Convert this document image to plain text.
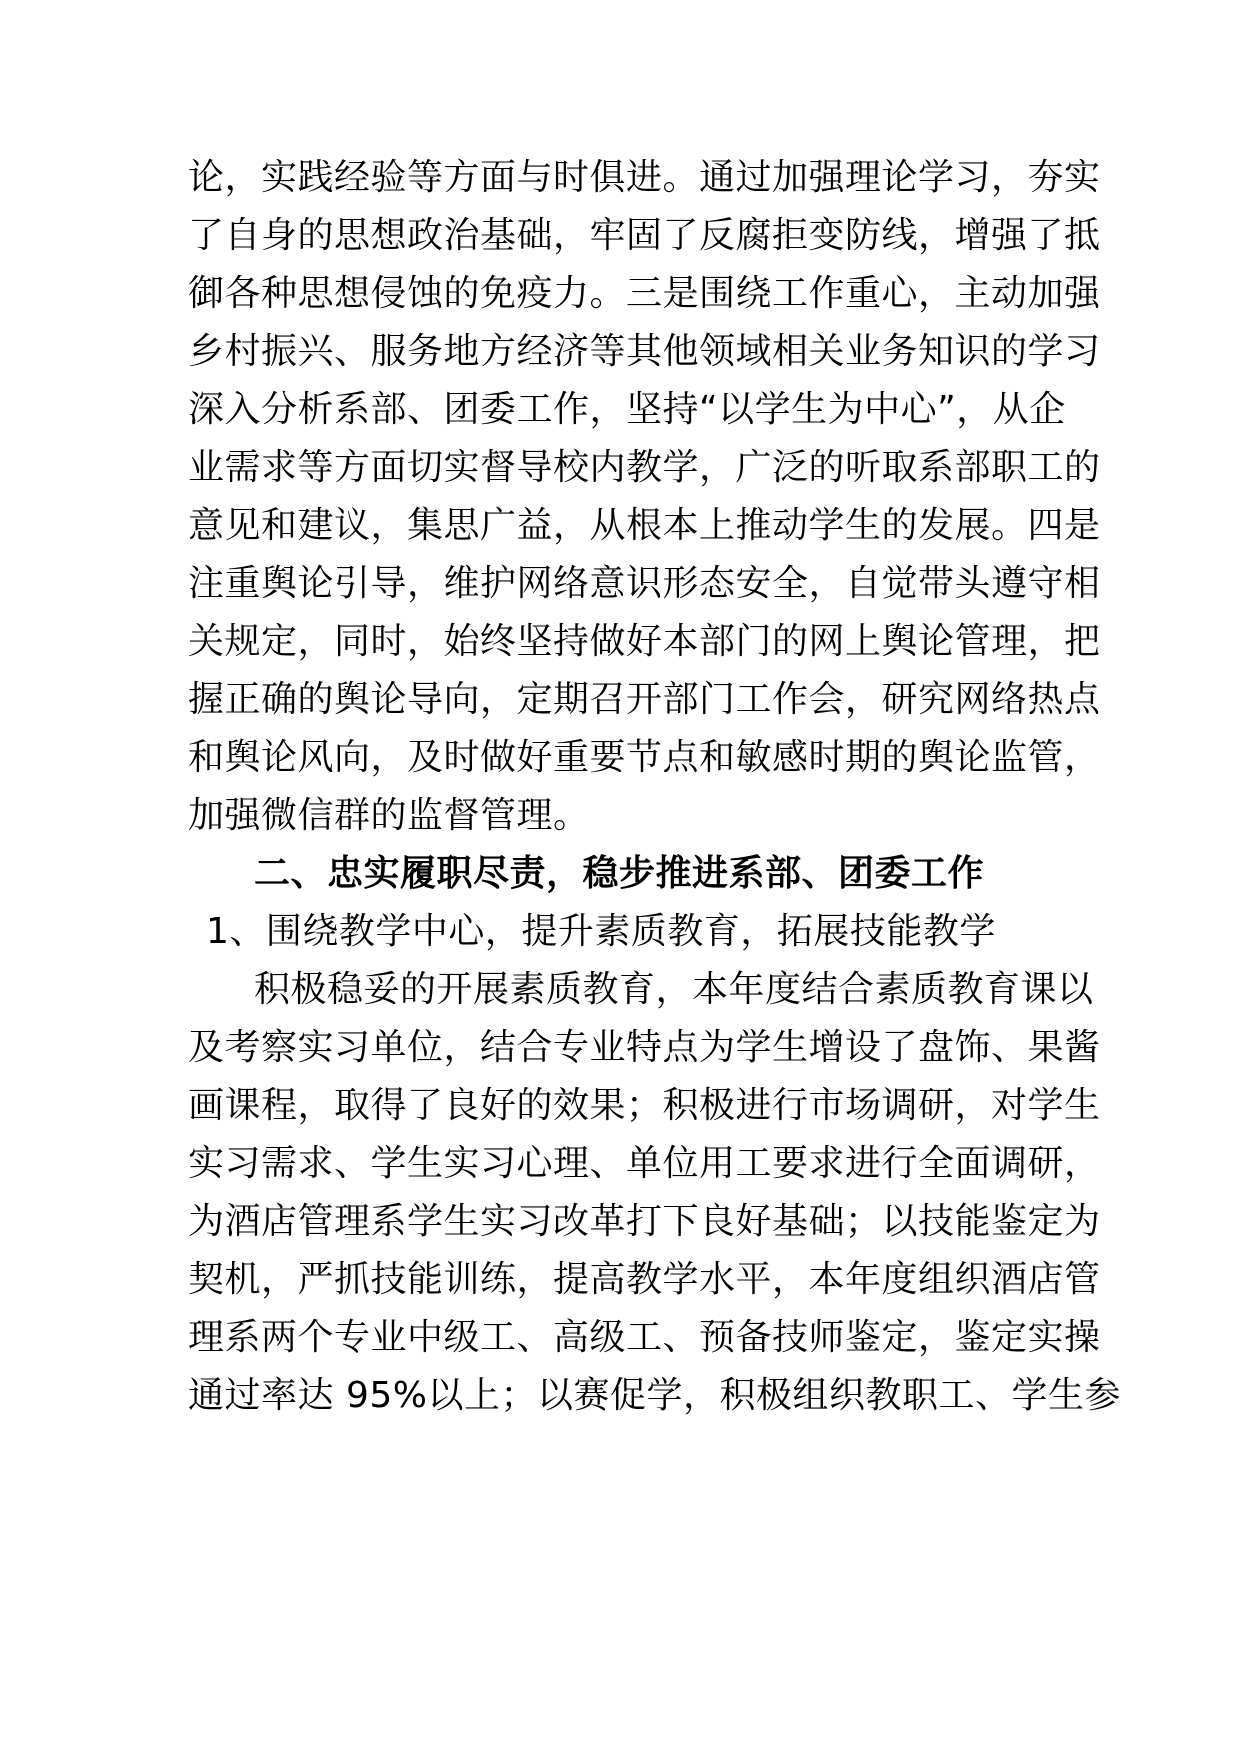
论，实践经验等方面与时俱进。通过加强理论学习，夯实
了自身的思想政治基础，牢固了反腐拒变防线，增强了抵
御各种思想侵蚀的免疫力。三是围绕工作重心，主动加强
乡村振兴、服务地方经济等其他领域相关业务知识的学习
深入分析系部、团委工作，坚持“以学生为中心”，从企
业需求等方面切实督导校内教学，广泛的听取系部职工的
意见和建议，集思广益，从根本上推动学生的发展。四是
注重舆论引导，维护网络意识形态安全，自觉带头遵守相
关规定，同时，始终坚持做好本部门的网上舆论管理，把
握正确的舆论导向，定期召开部门工作会，研究网络热点
和舆论风向，及时做好重要节点和敏感时期的舆论监管，
加强微信群的监督管理。
二、忠实履职尽责，稳步推进系部、团委工作
1、围绕教学中心，提升素质教育，拓展技能教学
积极稳妥的开展素质教育，本年度结合素质教育课以
及考察实习单位，结合专业特点为学生增设了盘饰、果酱
画课程，取得了良好的效果；积极进行市场调研，对学生
实习需求、学生实习心理、单位用工要求进行全面调研，
为酒店管理系学生实习改革打下良好基础；以技能鉴定为
契机，严抓技能训练，提高教学水平，本年度组织酒店管
理系两个专业中级工、高级工、预备技师鉴定，鉴定实操
通过率达 95%以上；以赛促学，积极组织教职工、学生参
